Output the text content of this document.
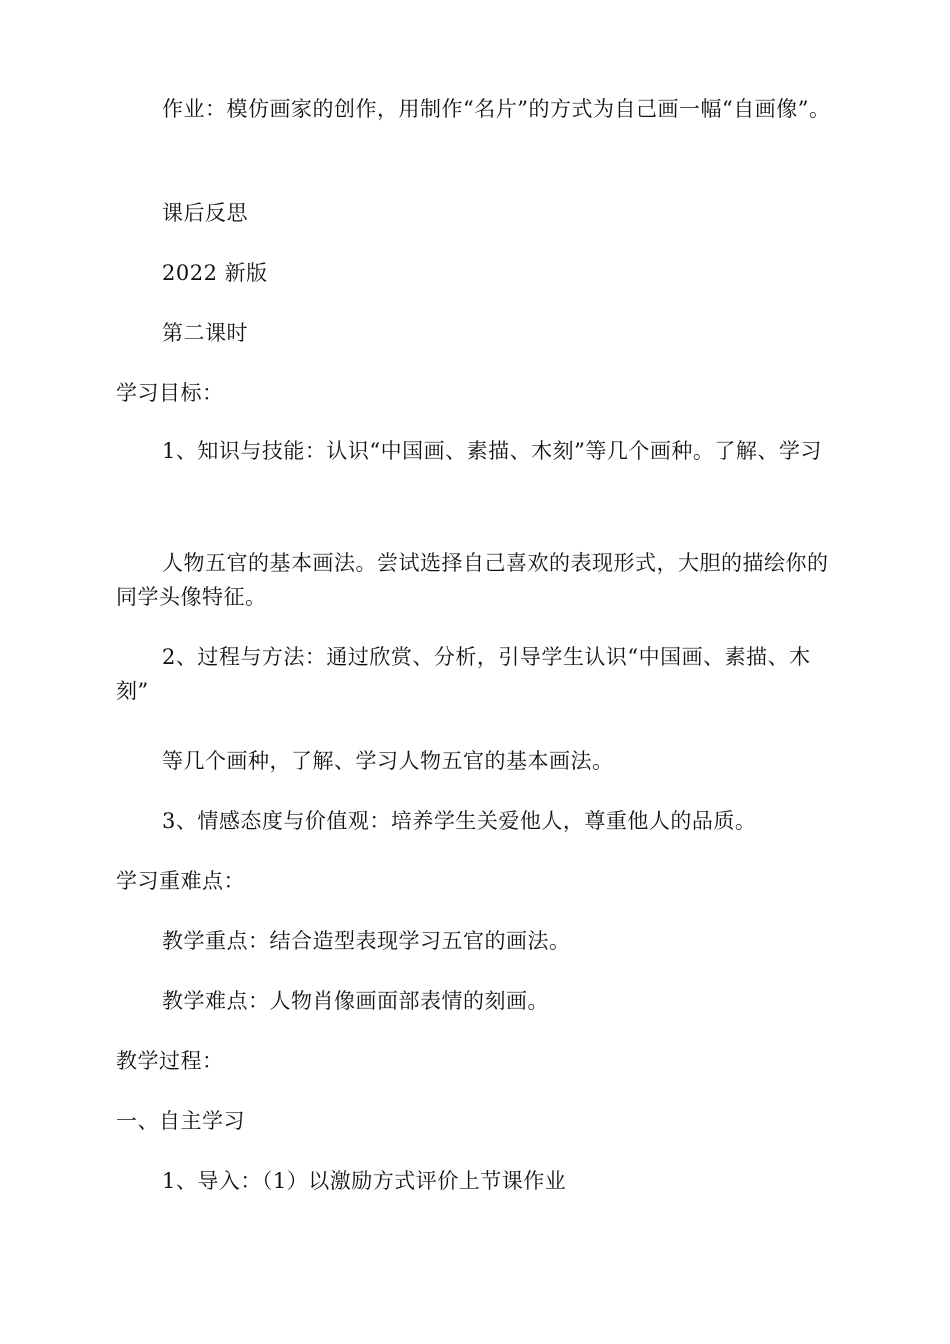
作业：模仿画家的创作，用制作“名片”的方式为自己画一幅“自画像”。

课后反思

2022 新版

第二课时

学习目标：

1、知识与技能：认识“中国画、素描、木刻”等几个画种。了解、学习

人物五官的基本画法。尝试选择自己喜欢的表现形式，大胆的描绘你的同学头像特征。

2、过程与方法：通过欣赏、分析，引导学生认识“中国画、素描、木刻”

等几个画种，了解、学习人物五官的基本画法。

3、情感态度与价值观：培养学生关爱他人，尊重他人的品质。

学习重难点：

教学重点：结合造型表现学习五官的画法。

教学难点：人物肖像画面部表情的刻画。

教学过程：

一、自主学习

1、导入：（1）以激励方式评价上节课作业
